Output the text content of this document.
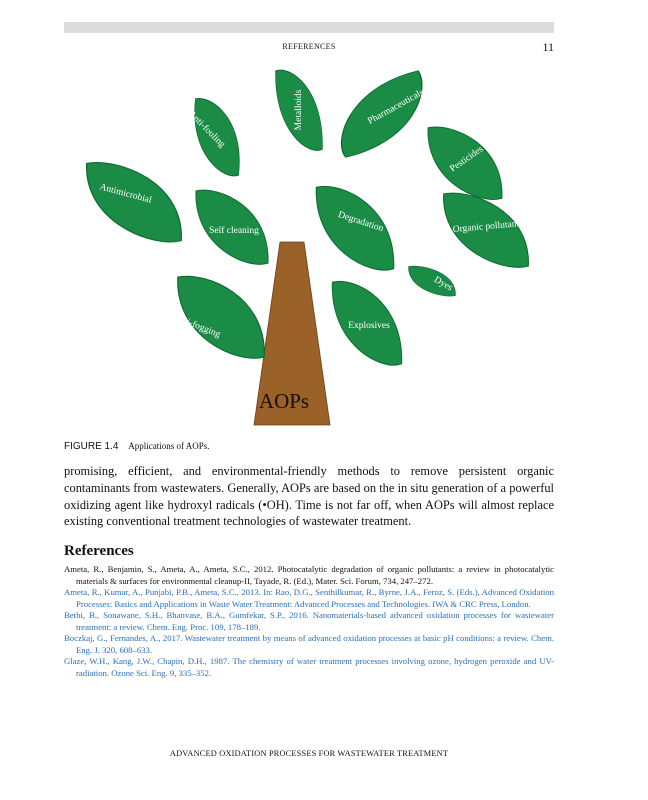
REFERENCES	11
Anti-fouling	Metalloids	Pharmaceuticals
Pesticides
Antimicrobial
Self cleaning	Degradation	Organic pollutants
Dyes
Anti-fogging	Explosives
AOPs
FIGURE 1.4 Applications of AOPs.

promising, efficient, and environmental-friendly methods to remove persistent organic contaminants from wastewaters. Generally, AOPs are based on the in situ generation of a powerful oxidizing agent like hydroxyl radicals (•OH). Time is not far off, when AOPs will almost replace existing conventional treatment technologies of wastewater treatment.

References
Ameta, R., Benjamin, S., Ameta, A., Ameta, S.C., 2012. Photocatalytic degradation of organic pollutants: a review in photocatalytic materials & surfaces for environmental cleanup-II, Tayade, R. (Ed.), Mater. Sci. Forum, 734, 247–272.
Ameta, R., Kumar, A., Punjabi, P.B., Ameta, S.C., 2013. In: Rao, D.G., Senthilkumar, R., Byrne, J.A., Feroz, S. (Eds.), Advanced Oxidation Processes: Basics and Applications in Waste Water Treatment: Advanced Processes and Technologies. IWA & CRC Press, London.
Bethi, B., Sonawane, S.H., Bhanvase, B.A., Gumfekar, S.P., 2016. Nanomaterials-based advanced oxidation processes for wastewater treatment: a review. Chem. Eng. Proc. 109, 178–189.
Boczkaj, G., Fernandes, A., 2017. Wastewater treatment by means of advanced oxidation processes at basic pH conditions: a review. Chem. Eng. J. 320, 608–633.
Glaze, W.H., Kang, J.W., Chapin, D.H., 1987. The chemistry of water treatment processes involving ozone, hydrogen peroxide and UV-radiation. Ozone Sci. Eng. 9, 335–352.
ADVANCED OXIDATION PROCESSES FOR WASTEWATER TREATMENT
